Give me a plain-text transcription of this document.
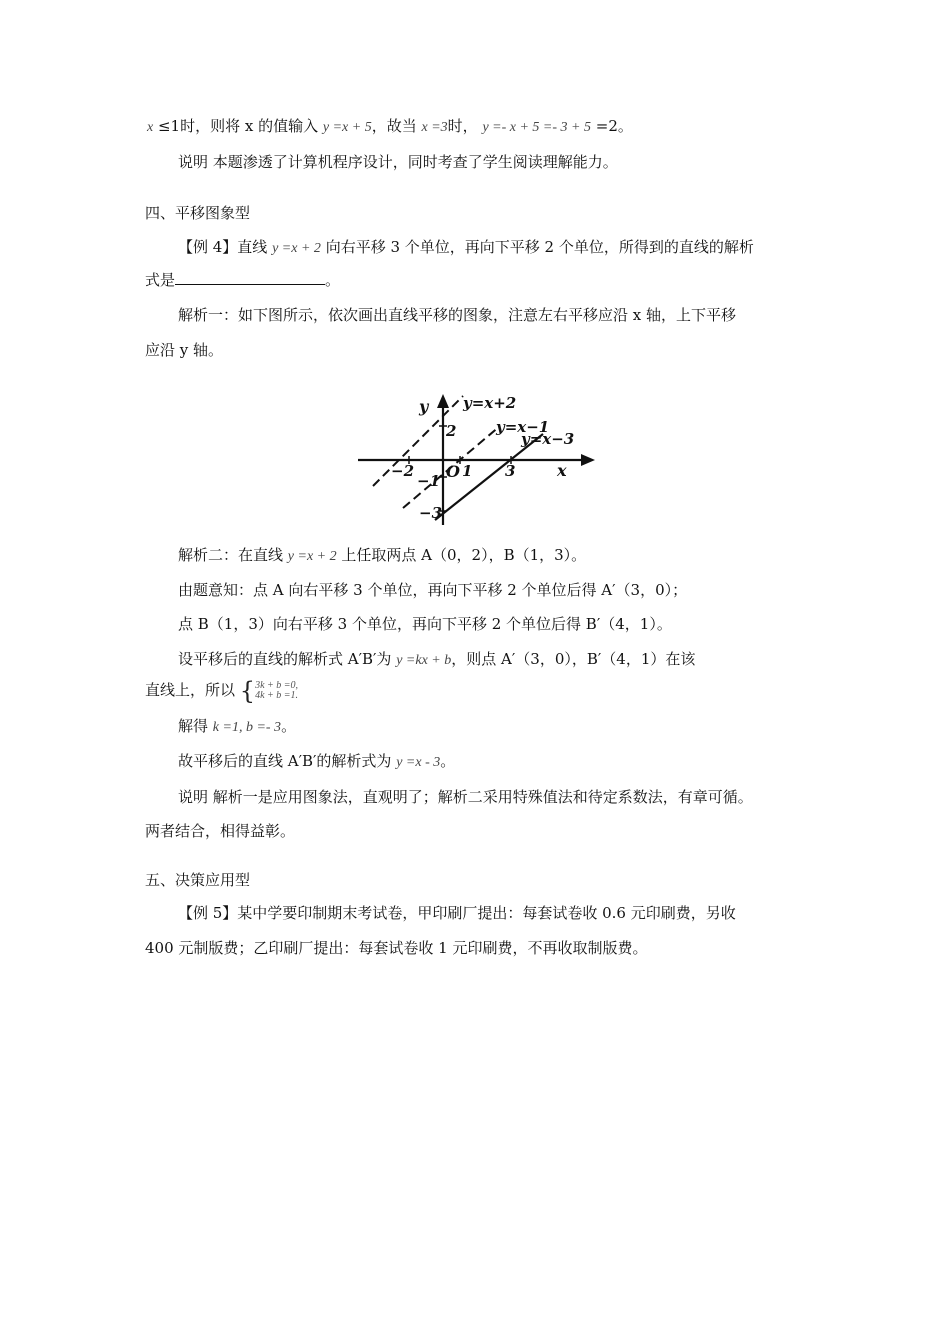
x ≤1时，则将 x 的值输入 y =x + 5，故当 x =3时， y =- x + 5 =- 3 + 5 =2。
说明 本题渗透了计算机程序设计，同时考查了学生阅读理解能力。
四、平移图象型
【例 4】直线 y =x + 2 向右平移 3 个单位，再向下平移 2 个单位，所得到的直线的解析
式是	。
解析一：如下图所示，依次画出直线平移的图象，注意左右平移应沿 x 轴，上下平移
应沿 y 轴。
y
x
O
y=x+2
y=x−1
y=x−3
2
−2	1
−1
3
−3
解析二：在直线 y =x + 2 上任取两点 A（0，2），B（1，3）。
由题意知：点 A 向右平移 3 个单位，再向下平移 2 个单位后得 A′（3，0）；
点 B（1，3）向右平移 3 个单位，再向下平移 2 个单位后得 B′（4，1）。
设平移后的直线的解析式 A′B′为 y =kx + b，则点 A′（3，0），B′（4，1）在该
直线上，所以 {3k + b =0,
4k + b =1.
解得 k =1, b =- 3。
故平移后的直线 A′B′的解析式为 y =x - 3。
说明 解析一是应用图象法，直观明了；解析二采用特殊值法和待定系数法，有章可循。
两者结合，相得益彰。
五、决策应用型
【例 5】某中学要印制期末考试卷，甲印刷厂提出：每套试卷收 0.6 元印刷费，另收
400 元制版费；乙印刷厂提出：每套试卷收 1 元印刷费，不再收取制版费。
